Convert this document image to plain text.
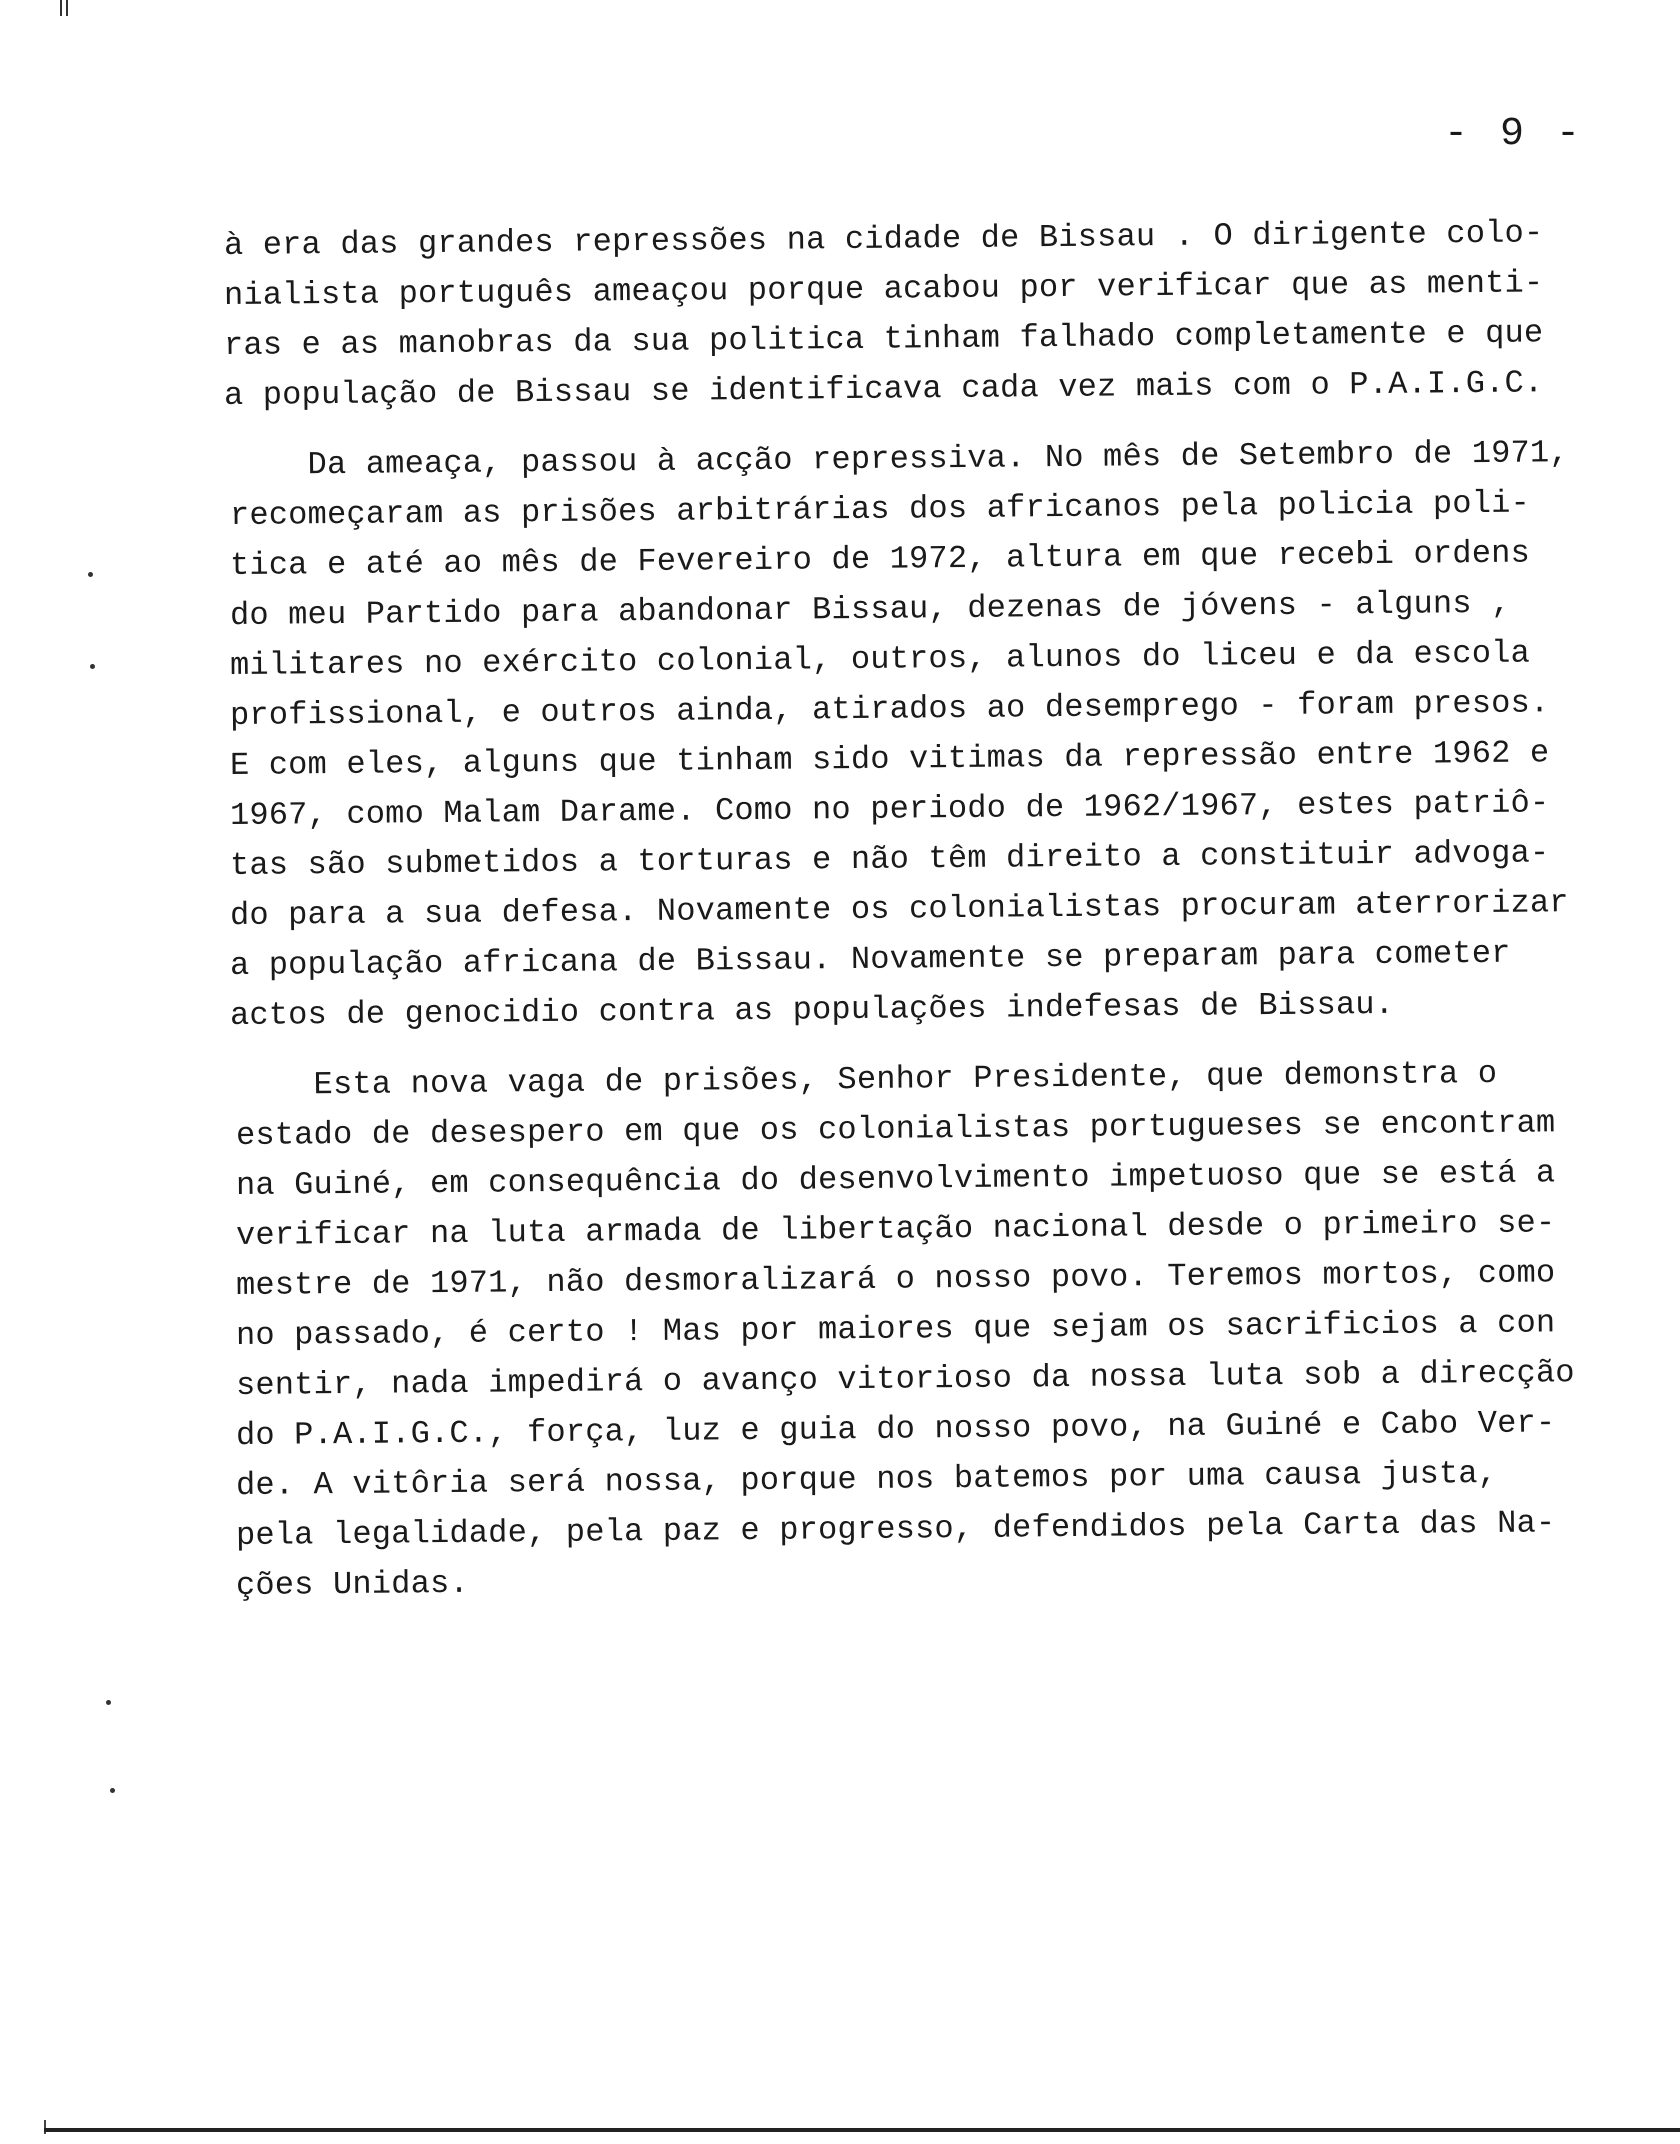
- 9 -
à era das grandes repressões na cidade de Bissau . O dirigente colo-
nialista português ameaçou porque acabou por verificar que as menti-
ras e as manobras da sua politica tinham falhado completamente e que
a população de Bissau se identificava cada vez mais com o P.A.I.G.C.
Da ameaça, passou à acção repressiva. No mês de Setembro de 1971,
recomeçaram as prisões arbitrárias dos africanos pela policia poli-
tica e até ao mês de Fevereiro de 1972, altura em que recebi ordens
do meu Partido para abandonar Bissau, dezenas de jóvens - alguns ,
militares no exército colonial, outros, alunos do liceu e da escola
profissional, e outros ainda, atirados ao desemprego - foram presos.
E com eles, alguns que tinham sido vitimas da repressão entre 1962 e
1967, como Malam Darame. Como no periodo de 1962/1967, estes patriô-
tas são submetidos a torturas e não têm direito a constituir advoga-
do para a sua defesa. Novamente os colonialistas procuram aterrorizar
a população africana de Bissau. Novamente se preparam para cometer
actos de genocidio contra as populações indefesas de Bissau.
Esta nova vaga de prisões, Senhor Presidente, que demonstra o
estado de desespero em que os colonialistas portugueses se encontram
na Guiné, em consequência do desenvolvimento impetuoso que se está a
verificar na luta armada de libertação nacional desde o primeiro se-
mestre de 1971, não desmoralizará o nosso povo. Teremos mortos, como
no passado, é certo ! Mas por maiores que sejam os sacrificios a con
sentir, nada impedirá o avanço vitorioso da nossa luta sob a direcção
do P.A.I.G.C., força, luz e guia do nosso povo, na Guiné e Cabo Ver-
de. A vitôria será nossa, porque nos batemos por uma causa justa,
pela legalidade, pela paz e progresso, defendidos pela Carta das Na-
ções Unidas.
